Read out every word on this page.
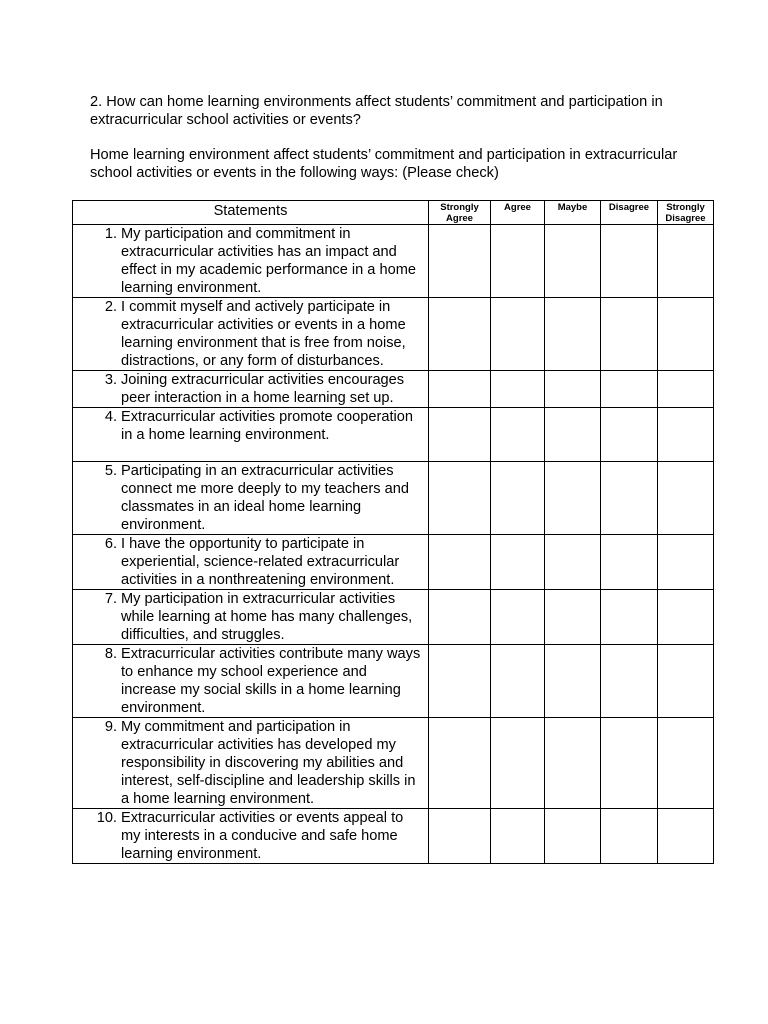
2. How can home learning environments affect students’ commitment and participation in extracurricular school activities or events?
Home learning environment affect students’ commitment and participation in extracurricular school activities or events in the following ways: (Please check)
Statements	Strongly Agree	Agree	Maybe	Disagree	Strongly Disagree

1. My participation and commitment in extracurricular activities has an impact and effect in my academic performance in a home learning environment.					

2. I commit myself and actively participate in extracurricular activities or events in a home learning environment that is free from noise, distractions, or any form of disturbances.					

3. Joining extracurricular activities encourages peer interaction in a home learning set up.					

4. Extracurricular activities promote cooperation in a home learning environment.					

5. Participating in an extracurricular activities connect me more deeply to my teachers and classmates in an ideal home learning environment.					

6. I have the opportunity to participate in experiential, science-related extracurricular activities in a nonthreatening environment.					

7. My participation in extracurricular activities while learning at home has many challenges, difficulties, and struggles.					

8. Extracurricular activities contribute many ways to enhance my school experience and increase my social skills in a home learning environment.					

9. My commitment and participation in extracurricular activities has developed my responsibility in discovering my abilities and interest, self-discipline and leadership skills in a home learning environment.					

10. Extracurricular activities or events appeal to my interests in a conducive and safe home learning environment.					
